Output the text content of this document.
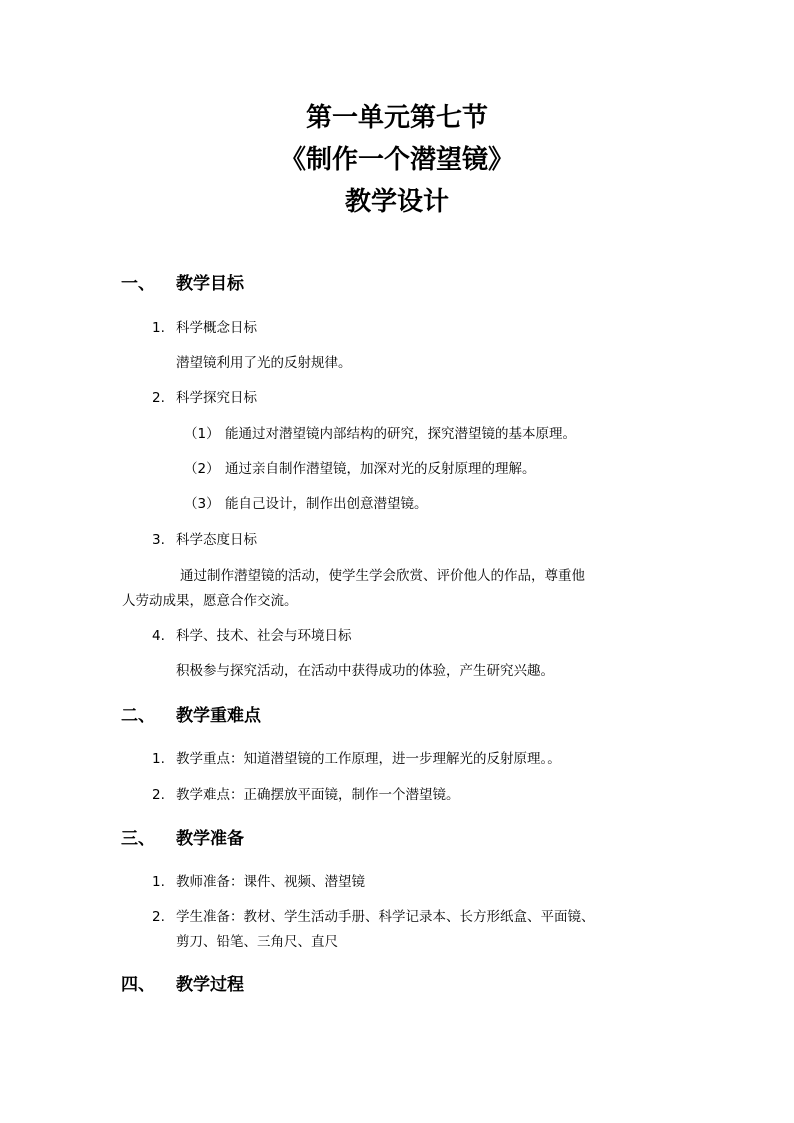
第一单元第七节
《制作一个潜望镜》
教学设计
一、 教学目标
1. 科学概念日标
潜望镜利用了光的反射规律。
2. 科学探究日标
（1） 能通过对潜望镜内部结构的研究，探究潜望镜的基本原理。
（2） 通过亲自制作潜望镜，加深对光的反射原理的理解。
（3） 能自己设计，制作出创意潜望镜。
3. 科学态度日标
通过制作潜望镜的活动，使学生学会欣赏、评价他人的作品，尊重他
人劳动成果，愿意合作交流。
4. 科学、技术、社会与环境日标
积极参与探究活动，在活动中获得成功的体验，产生研究兴趣。
二、 教学重难点
1. 教学重点：知道潜望镜的工作原理，进一步理解光的反射原理。。
2. 教学难点：正确摆放平面镜，制作一个潜望镜。
三、 教学准备
1. 教师准备：课件、视频、潜望镜
2. 学生准备：教材、学生活动手册、科学记录本、长方形纸盒、平面镜、
剪刀、铅笔、三角尺、直尺
四、 教学过程
